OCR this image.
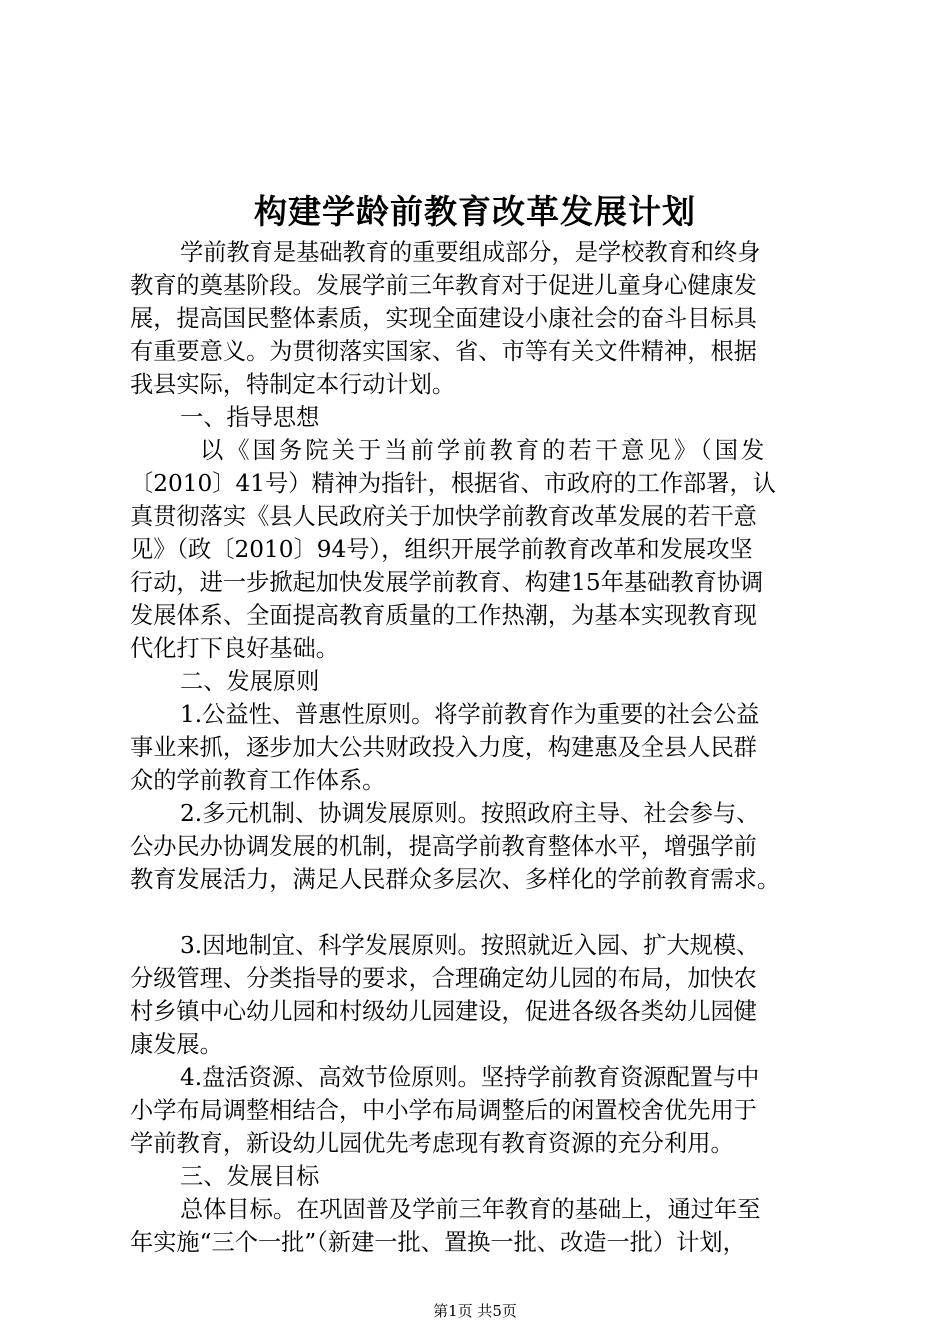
构建学龄前教育改革发展计划
学前教育是基础教育的重要组成部分，是学校教育和终身
教育的奠基阶段。发展学前三年教育对于促进儿童身心健康发
展，提高国民整体素质，实现全面建设小康社会的奋斗目标具
有重要意义。为贯彻落实国家、省、市等有关文件精神，根据
我县实际，特制定本行动计划。
一、指导思想
以《国务院关于当前学前教育的若干意见》（国发
〔2010〕41号）精神为指针，根据省、市政府的工作部署，认
真贯彻落实《县人民政府关于加快学前教育改革发展的若干意
见》（政〔2010〕94号），组织开展学前教育改革和发展攻坚
行动，进一步掀起加快发展学前教育、构建15年基础教育协调
发展体系、全面提高教育质量的工作热潮，为基本实现教育现
代化打下良好基础。
二、发展原则
1.公益性、普惠性原则。将学前教育作为重要的社会公益
事业来抓，逐步加大公共财政投入力度，构建惠及全县人民群
众的学前教育工作体系。
2.多元机制、协调发展原则。按照政府主导、社会参与、
公办民办协调发展的机制，提高学前教育整体水平，增强学前
教育发展活力，满足人民群众多层次、多样化的学前教育需求。
3.因地制宜、科学发展原则。按照就近入园、扩大规模、
分级管理、分类指导的要求，合理确定幼儿园的布局，加快农
村乡镇中心幼儿园和村级幼儿园建设，促进各级各类幼儿园健
康发展。
4.盘活资源、高效节俭原则。坚持学前教育资源配置与中
小学布局调整相结合，中小学布局调整后的闲置校舍优先用于
学前教育，新设幼儿园优先考虑现有教育资源的充分利用。
三、发展目标
总体目标。在巩固普及学前三年教育的基础上，通过年至
年实施“三个一批”（新建一批、置换一批、改造一批）计划，
第1页 共5页
